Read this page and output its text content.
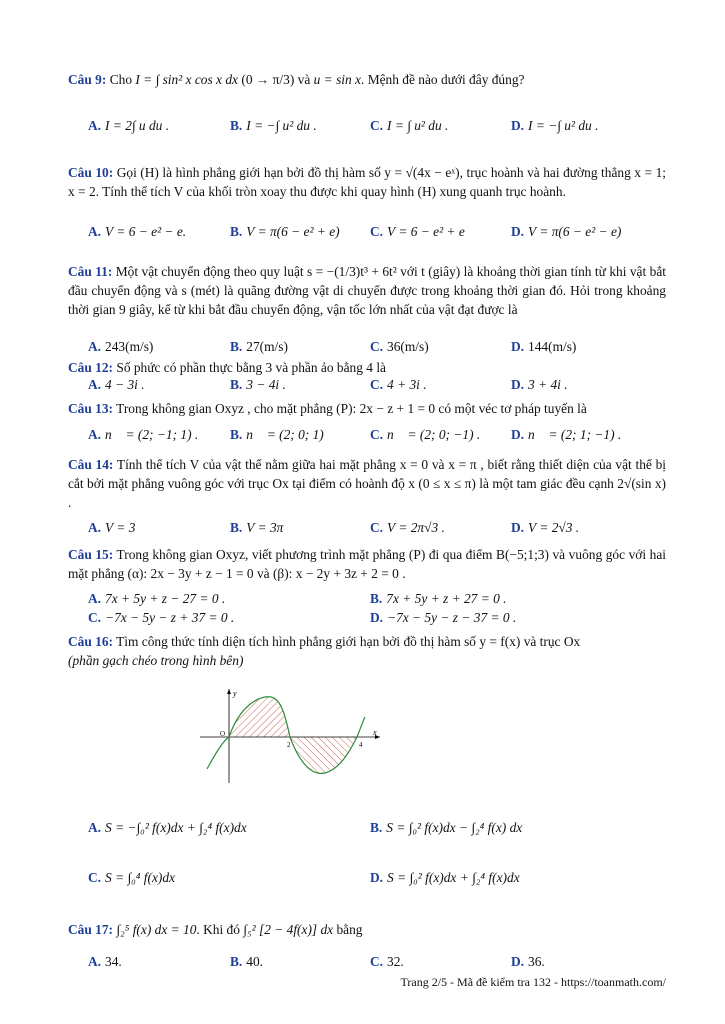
Câu 9: Cho I = ∫ sin² x cos x dx (0 → π/3) và u = sin x. Mệnh đề nào dưới đây đúng?
A. I = 2∫ u du .	B. I = −∫ u² du .	C. I = ∫ u² du .	D. I = −∫ u² du .
Câu 10: Gọi (H) là hình phẳng giới hạn bởi đồ thị hàm số y = √(4x − eˣ), trục hoành và hai đường thẳng x = 1; x = 2. Tính thể tích V của khối tròn xoay thu được khi quay hình (H) xung quanh trục hoành.
A. V = 6 − e² − e.	B. V = π(6 − e² + e) C. V = 6 − e² + e	D. V = π(6 − e² − e)
Câu 11: Một vật chuyển động theo quy luật s = −(1/3)t³ + 6t² với t (giây) là khoảng thời gian tính từ khi vật bắt đầu chuyển động và s (mét) là quãng đường vật di chuyển được trong khoảng thời gian đó. Hỏi trong khoảng thời gian 9 giây, kể từ khi bắt đầu chuyển động, vận tốc lớn nhất của vật đạt được là
A. 243(m/s)	B. 27(m/s)	C. 36(m/s)	D. 144(m/s)
Câu 12: Số phức có phần thực bằng 3 và phần ảo bằng 4 là
A. 4 − 3i .	B. 3 − 4i .	C. 4 + 3i .	D. 3 + 4i .
Câu 13: Trong không gian Oxyz , cho mặt phẳng (P): 2x − z + 1 = 0 có một véc tơ pháp tuyến là
A. n⃗ = (2; −1; 1) . B. n⃗ = (2; 0; 1)	C. n⃗ = (2; 0; −1) . D. n⃗ = (2; 1; −1) .
Câu 14: Tính thể tích V của vật thể nằm giữa hai mặt phẳng x = 0 và x = π , biết rằng thiết diện của vật thể bị cắt bởi mặt phẳng vuông góc với trục Ox tại điểm có hoành độ x (0 ≤ x ≤ π) là một tam giác đều cạnh 2√(sin x) .
A. V = 3	B. V = 3π	C. V = 2π√3 .	D. V = 2√3 .
Câu 15: Trong không gian Oxyz, viết phương trình mặt phẳng (P) đi qua điểm B(−5;1;3) và vuông góc với hai mặt phẳng (α): 2x − 3y + z − 1 = 0 và (β): x − 2y + 3z + 2 = 0 .
A. 7x + 5y + z − 27 = 0 .	B. 7x + 5y + z + 27 = 0 .
C. −7x − 5y − z + 37 = 0 .	D. −7x − 5y − z − 37 = 0 .
Câu 16: Tìm công thức tính diện tích hình phẳng giới hạn bởi đồ thị hàm số y = f(x) và trục Ox
(phần gạch chéo trong hình bên)
y
x
O
2	4
A. S = −∫₀² f(x)dx + ∫₂⁴ f(x)dx	B. S = ∫₀² f(x)dx − ∫₂⁴ f(x) dx
C. S = ∫₀⁴ f(x)dx	D. S = ∫₀² f(x)dx + ∫₂⁴ f(x)dx
Câu 17: ∫₂⁵ f(x) dx = 10. Khi đó ∫₅² [2 − 4f(x)] dx bằng
A. 34.	B. 40.	C. 32.	D. 36.
Trang 2/5 - Mã đề kiểm tra 132 - https://toanmath.com/
